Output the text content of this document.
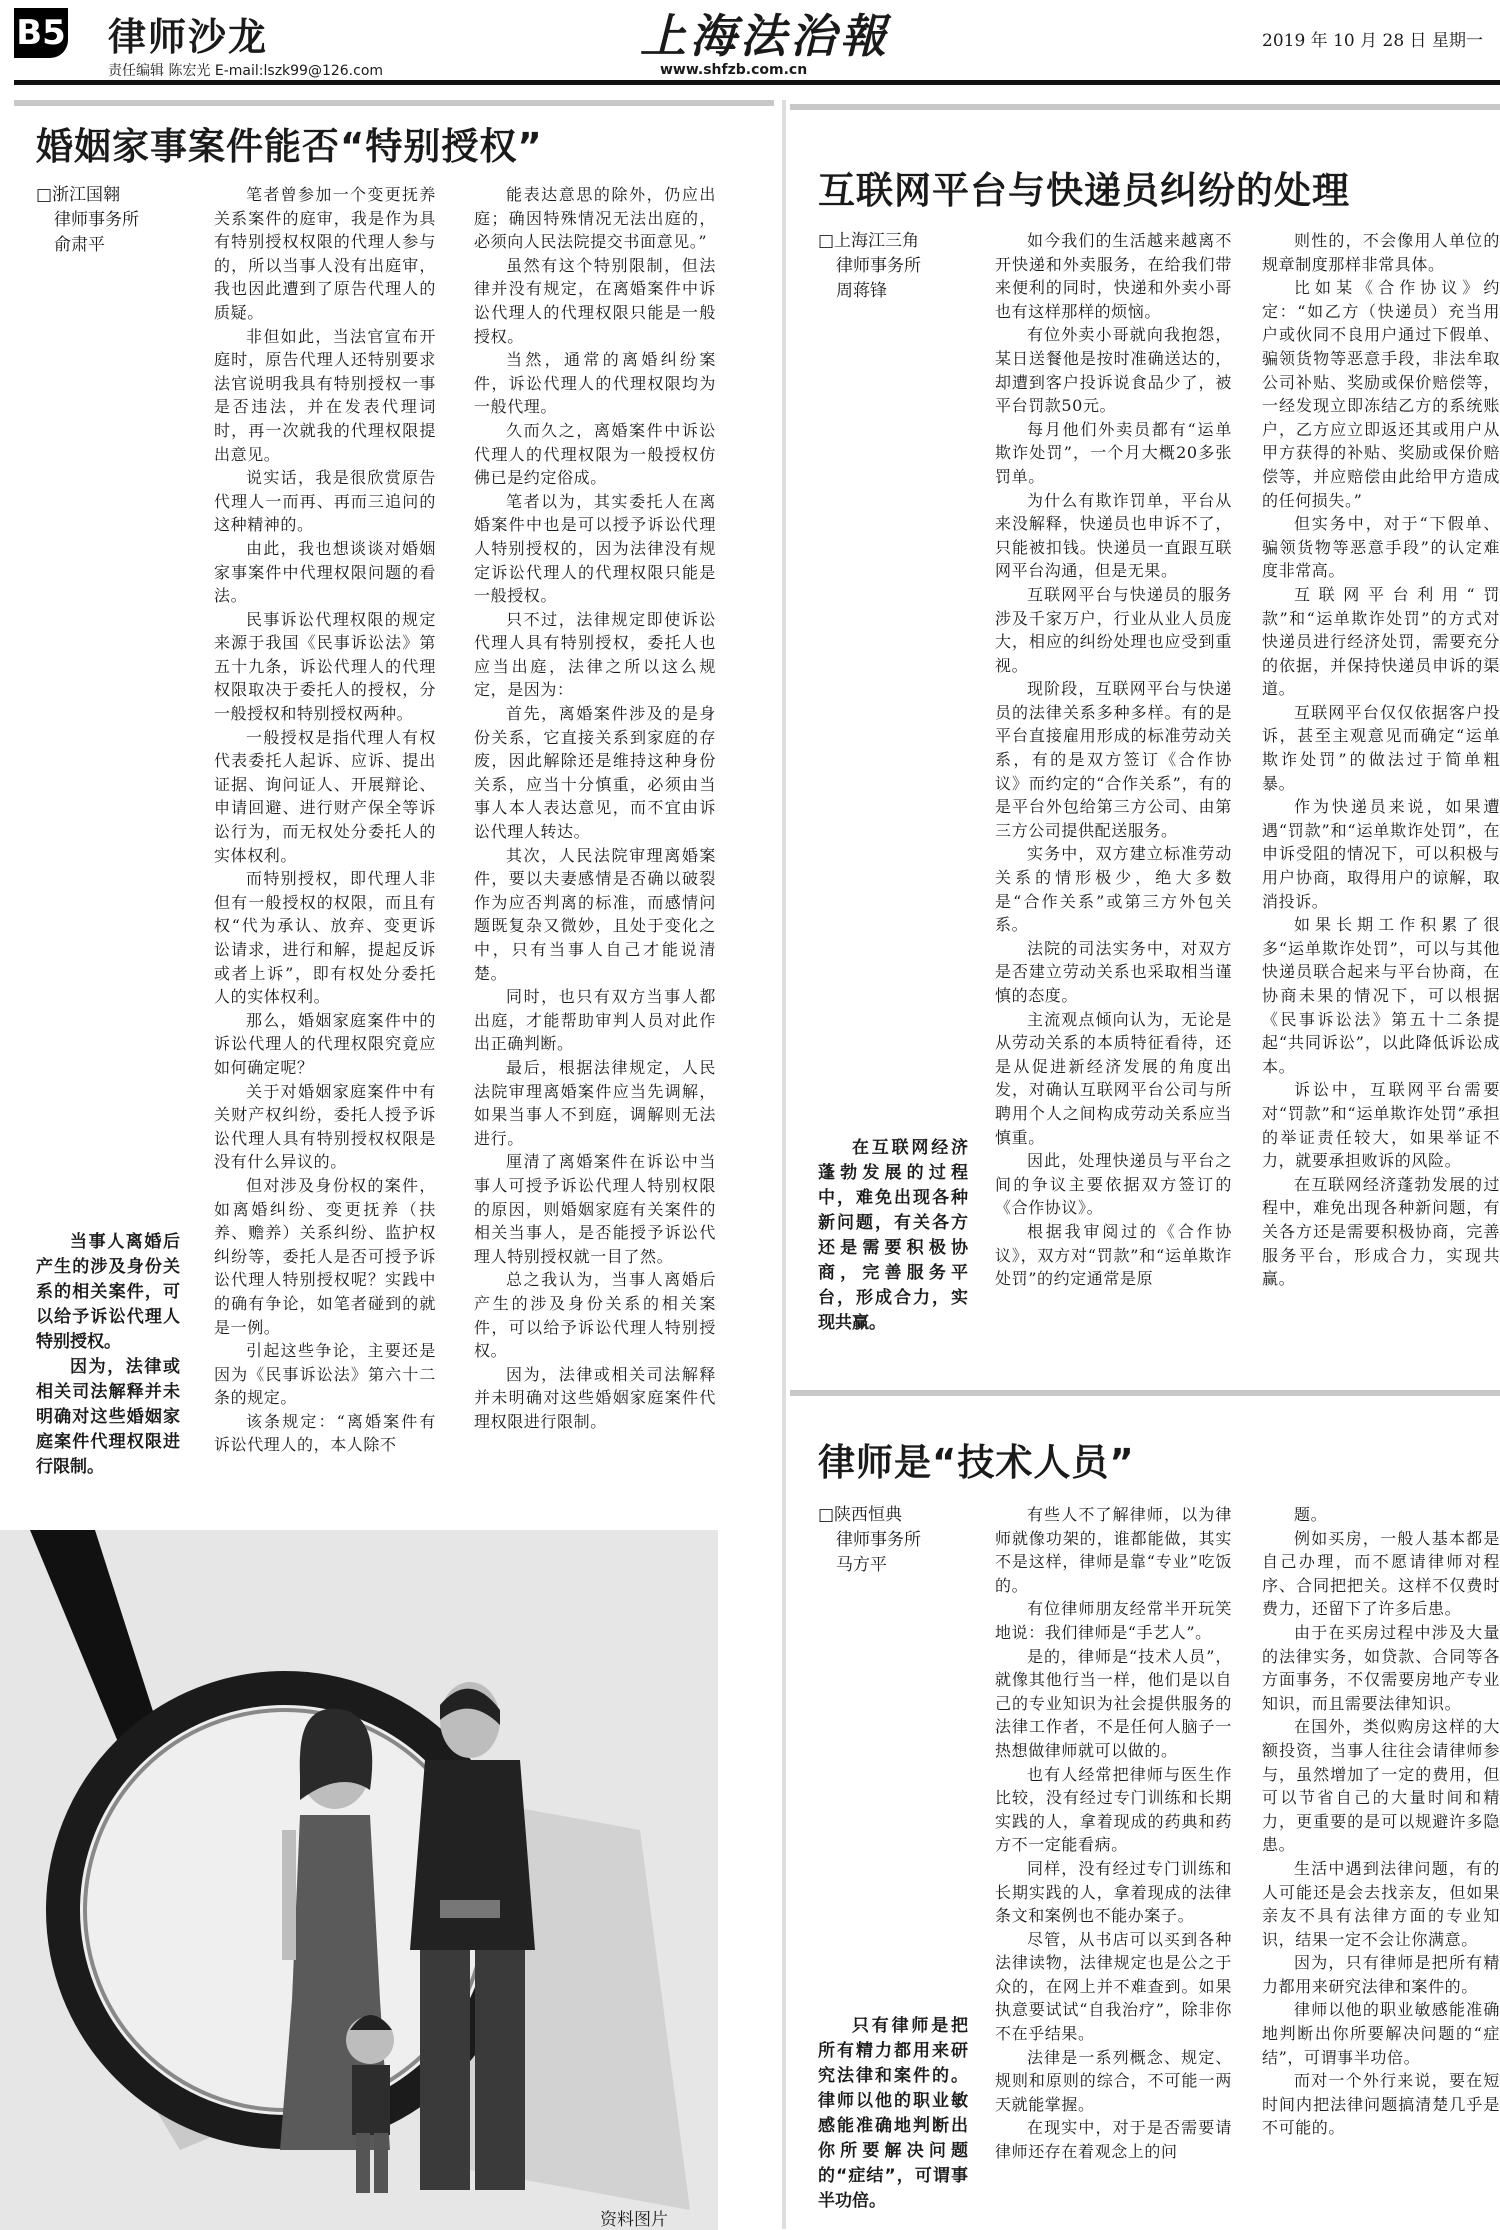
B5 律师沙龙
责任编辑 陈宏光 E-mail:lszk99@126.com
上海法治報
www.shfzb.com.cn
2019 年 10 月 28 日 星期一
婚姻家事案件能否“特别授权”
□浙江国翱
律师事务所
俞肃平

当事人离婚后产生的涉及身份关系的相关案件，可以给予诉讼代理人特别授权。

因为，法律或相关司法解释并未明确对这些婚姻家庭案件代理权限进行限制。

笔者曾参加一个变更抚养关系案件的庭审，我是作为具有特别授权权限的代理人参与的，所以当事人没有出庭审，我也因此遭到了原告代理人的质疑。

非但如此，当法官宣布开庭时，原告代理人还特别要求法官说明我具有特别授权一事是否违法，并在发表代理词时，再一次就我的代理权限提出意见。

说实话，我是很欣赏原告代理人一而再、再而三追问的这种精神的。

由此，我也想谈谈对婚姻家事案件中代理权限问题的看法。

民事诉讼代理权限的规定来源于我国《民事诉讼法》第五十九条，诉讼代理人的代理权限取决于委托人的授权，分一般授权和特别授权两种。

一般授权是指代理人有权代表委托人起诉、应诉、提出证据、询问证人、开展辩论、申请回避、进行财产保全等诉讼行为，而无权处分委托人的实体权利。

而特别授权，即代理人非但有一般授权的权限，而且有权“代为承认、放弃、变更诉讼请求，进行和解，提起反诉或者上诉”，即有权处分委托人的实体权利。

那么，婚姻家庭案件中的诉讼代理人的代理权限究竟应如何确定呢？

关于对婚姻家庭案件中有关财产权纠纷，委托人授予诉讼代理人具有特别授权权限是没有什么异议的。

但对涉及身份权的案件，如离婚纠纷、变更抚养（扶养、赡养）关系纠纷、监护权纠纷等，委托人是否可授予诉讼代理人特别授权呢？实践中的确有争论，如笔者碰到的就是一例。

引起这些争论，主要还是因为《民事诉讼法》第六十二条的规定。

该条规定：“离婚案件有诉讼代理人的，本人除不

能表达意思的除外，仍应出庭；确因特殊情况无法出庭的，必须向人民法院提交书面意见。”

虽然有这个特别限制，但法律并没有规定，在离婚案件中诉讼代理人的代理权限只能是一般授权。

当然，通常的离婚纠纷案件，诉讼代理人的代理权限均为一般代理。

久而久之，离婚案件中诉讼代理人的代理权限为一般授权仿佛已是约定俗成。

笔者以为，其实委托人在离婚案件中也是可以授予诉讼代理人特别授权的，因为法律没有规定诉讼代理人的代理权限只能是一般授权。

只不过，法律规定即使诉讼代理人具有特别授权，委托人也应当出庭，法律之所以这么规定，是因为：

首先，离婚案件涉及的是身份关系，它直接关系到家庭的存废，因此解除还是维持这种身份关系，应当十分慎重，必须由当事人本人表达意见，而不宜由诉讼代理人转达。

其次，人民法院审理离婚案件，要以夫妻感情是否确以破裂作为应否判离的标准，而感情问题既复杂又微妙，且处于变化之中，只有当事人自己才能说清楚。

同时，也只有双方当事人都出庭，才能帮助审判人员对此作出正确判断。

最后，根据法律规定，人民法院审理离婚案件应当先调解，如果当事人不到庭，调解则无法进行。

厘清了离婚案件在诉讼中当事人可授予诉讼代理人特别权限的原因，则婚姻家庭有关案件的相关当事人，是否能授予诉讼代理人特别授权就一目了然。

总之我认为，当事人离婚后产生的涉及身份关系的相关案件，可以给予诉讼代理人特别授权。

因为，法律或相关司法解释并未明确对这些婚姻家庭案件代理权限进行限制。

资料图片
互联网平台与快递员纠纷的处理
□上海江三角
律师事务所
周蒋锋

在互联网经济蓬勃发展的过程中，难免出现各种新问题，有关各方还是需要积极协商，完善服务平台，形成合力，实现共赢。

如今我们的生活越来越离不开快递和外卖服务，在给我们带来便利的同时，快递和外卖小哥也有这样那样的烦恼。

有位外卖小哥就向我抱怨，某日送餐他是按时准确送达的，却遭到客户投诉说食品少了，被平台罚款50元。

每月他们外卖员都有“运单欺诈处罚”，一个月大概20多张罚单。

为什么有欺诈罚单，平台从来没解释，快递员也申诉不了，只能被扣钱。快递员一直跟互联网平台沟通，但是无果。

互联网平台与快递员的服务涉及千家万户，行业从业人员庞大，相应的纠纷处理也应受到重视。

现阶段，互联网平台与快递员的法律关系多种多样。有的是平台直接雇用形成的标准劳动关系，有的是双方签订《合作协议》而约定的“合作关系”，有的是平台外包给第三方公司、由第三方公司提供配送服务。

实务中，双方建立标准劳动关系的情形极少，绝大多数是“合作关系”或第三方外包关系。

法院的司法实务中，对双方是否建立劳动关系也采取相当谨慎的态度。

主流观点倾向认为，无论是从劳动关系的本质特征看待，还是从促进新经济发展的角度出发，对确认互联网平台公司与所聘用个人之间构成劳动关系应当慎重。

因此，处理快递员与平台之间的争议主要依据双方签订的《合作协议》。

根据我审阅过的《合作协议》，双方对“罚款”和“运单欺诈处罚”的约定通常是原

则性的，不会像用人单位的规章制度那样非常具体。

比如某《合作协议》约定：“如乙方（快递员）充当用户或伙同不良用户通过下假单、骗领货物等恶意手段，非法牟取公司补贴、奖励或保价赔偿等，一经发现立即冻结乙方的系统账户，乙方应立即返还其或用户从甲方获得的补贴、奖励或保价赔偿等，并应赔偿由此给甲方造成的任何损失。”

但实务中，对于“下假单、骗领货物等恶意手段”的认定难度非常高。

互联网平台利用“罚款”和“运单欺诈处罚”的方式对快递员进行经济处罚，需要充分的依据，并保持快递员申诉的渠道。

互联网平台仅仅依据客户投诉，甚至主观意见而确定“运单欺诈处罚”的做法过于简单粗暴。

作为快递员来说，如果遭遇“罚款”和“运单欺诈处罚”，在申诉受阻的情况下，可以积极与用户协商，取得用户的谅解，取消投诉。

如果长期工作积累了很多“运单欺诈处罚”，可以与其他快递员联合起来与平台协商，在协商未果的情况下，可以根据《民事诉讼法》第五十二条提起“共同诉讼”，以此降低诉讼成本。

诉讼中，互联网平台需要对“罚款”和“运单欺诈处罚”承担的举证责任较大，如果举证不力，就要承担败诉的风险。

在互联网经济蓬勃发展的过程中，难免出现各种新问题，有关各方还是需要积极协商，完善服务平台，形成合力，实现共赢。

律师是“技术人员”
□陕西恒典
律师事务所
马方平

只有律师是把所有精力都用来研究法律和案件的。律师以他的职业敏感能准确地判断出你所要解决问题的“症结”，可谓事半功倍。

有些人不了解律师，以为律师就像功架的，谁都能做，其实不是这样，律师是靠“专业”吃饭的。

有位律师朋友经常半开玩笑地说：我们律师是“手艺人”。

是的，律师是“技术人员”，就像其他行当一样，他们是以自己的专业知识为社会提供服务的法律工作者，不是任何人脑子一热想做律师就可以做的。

也有人经常把律师与医生作比较，没有经过专门训练和长期实践的人，拿着现成的药典和药方不一定能看病。

同样，没有经过专门训练和长期实践的人，拿着现成的法律条文和案例也不能办案子。

尽管，从书店可以买到各种法律读物，法律规定也是公之于众的，在网上并不难查到。如果执意要试试“自我治疗”，除非你不在乎结果。

法律是一系列概念、规定、规则和原则的综合，不可能一两天就能掌握。

在现实中，对于是否需要请律师还存在着观念上的问

题。

例如买房，一般人基本都是自己办理，而不愿请律师对程序、合同把把关。这样不仅费时费力，还留下了许多后患。

由于在买房过程中涉及大量的法律实务，如贷款、合同等各方面事务，不仅需要房地产专业知识，而且需要法律知识。

在国外，类似购房这样的大额投资，当事人往往会请律师参与，虽然增加了一定的费用，但可以节省自己的大量时间和精力，更重要的是可以规避许多隐患。

生活中遇到法律问题，有的人可能还是会去找亲友，但如果亲友不具有法律方面的专业知识，结果一定不会让你满意。

因为，只有律师是把所有精力都用来研究法律和案件的。

律师以他的职业敏感能准确地判断出你所要解决问题的“症结”，可谓事半功倍。

而对一个外行来说，要在短时间内把法律问题搞清楚几乎是不可能的。
